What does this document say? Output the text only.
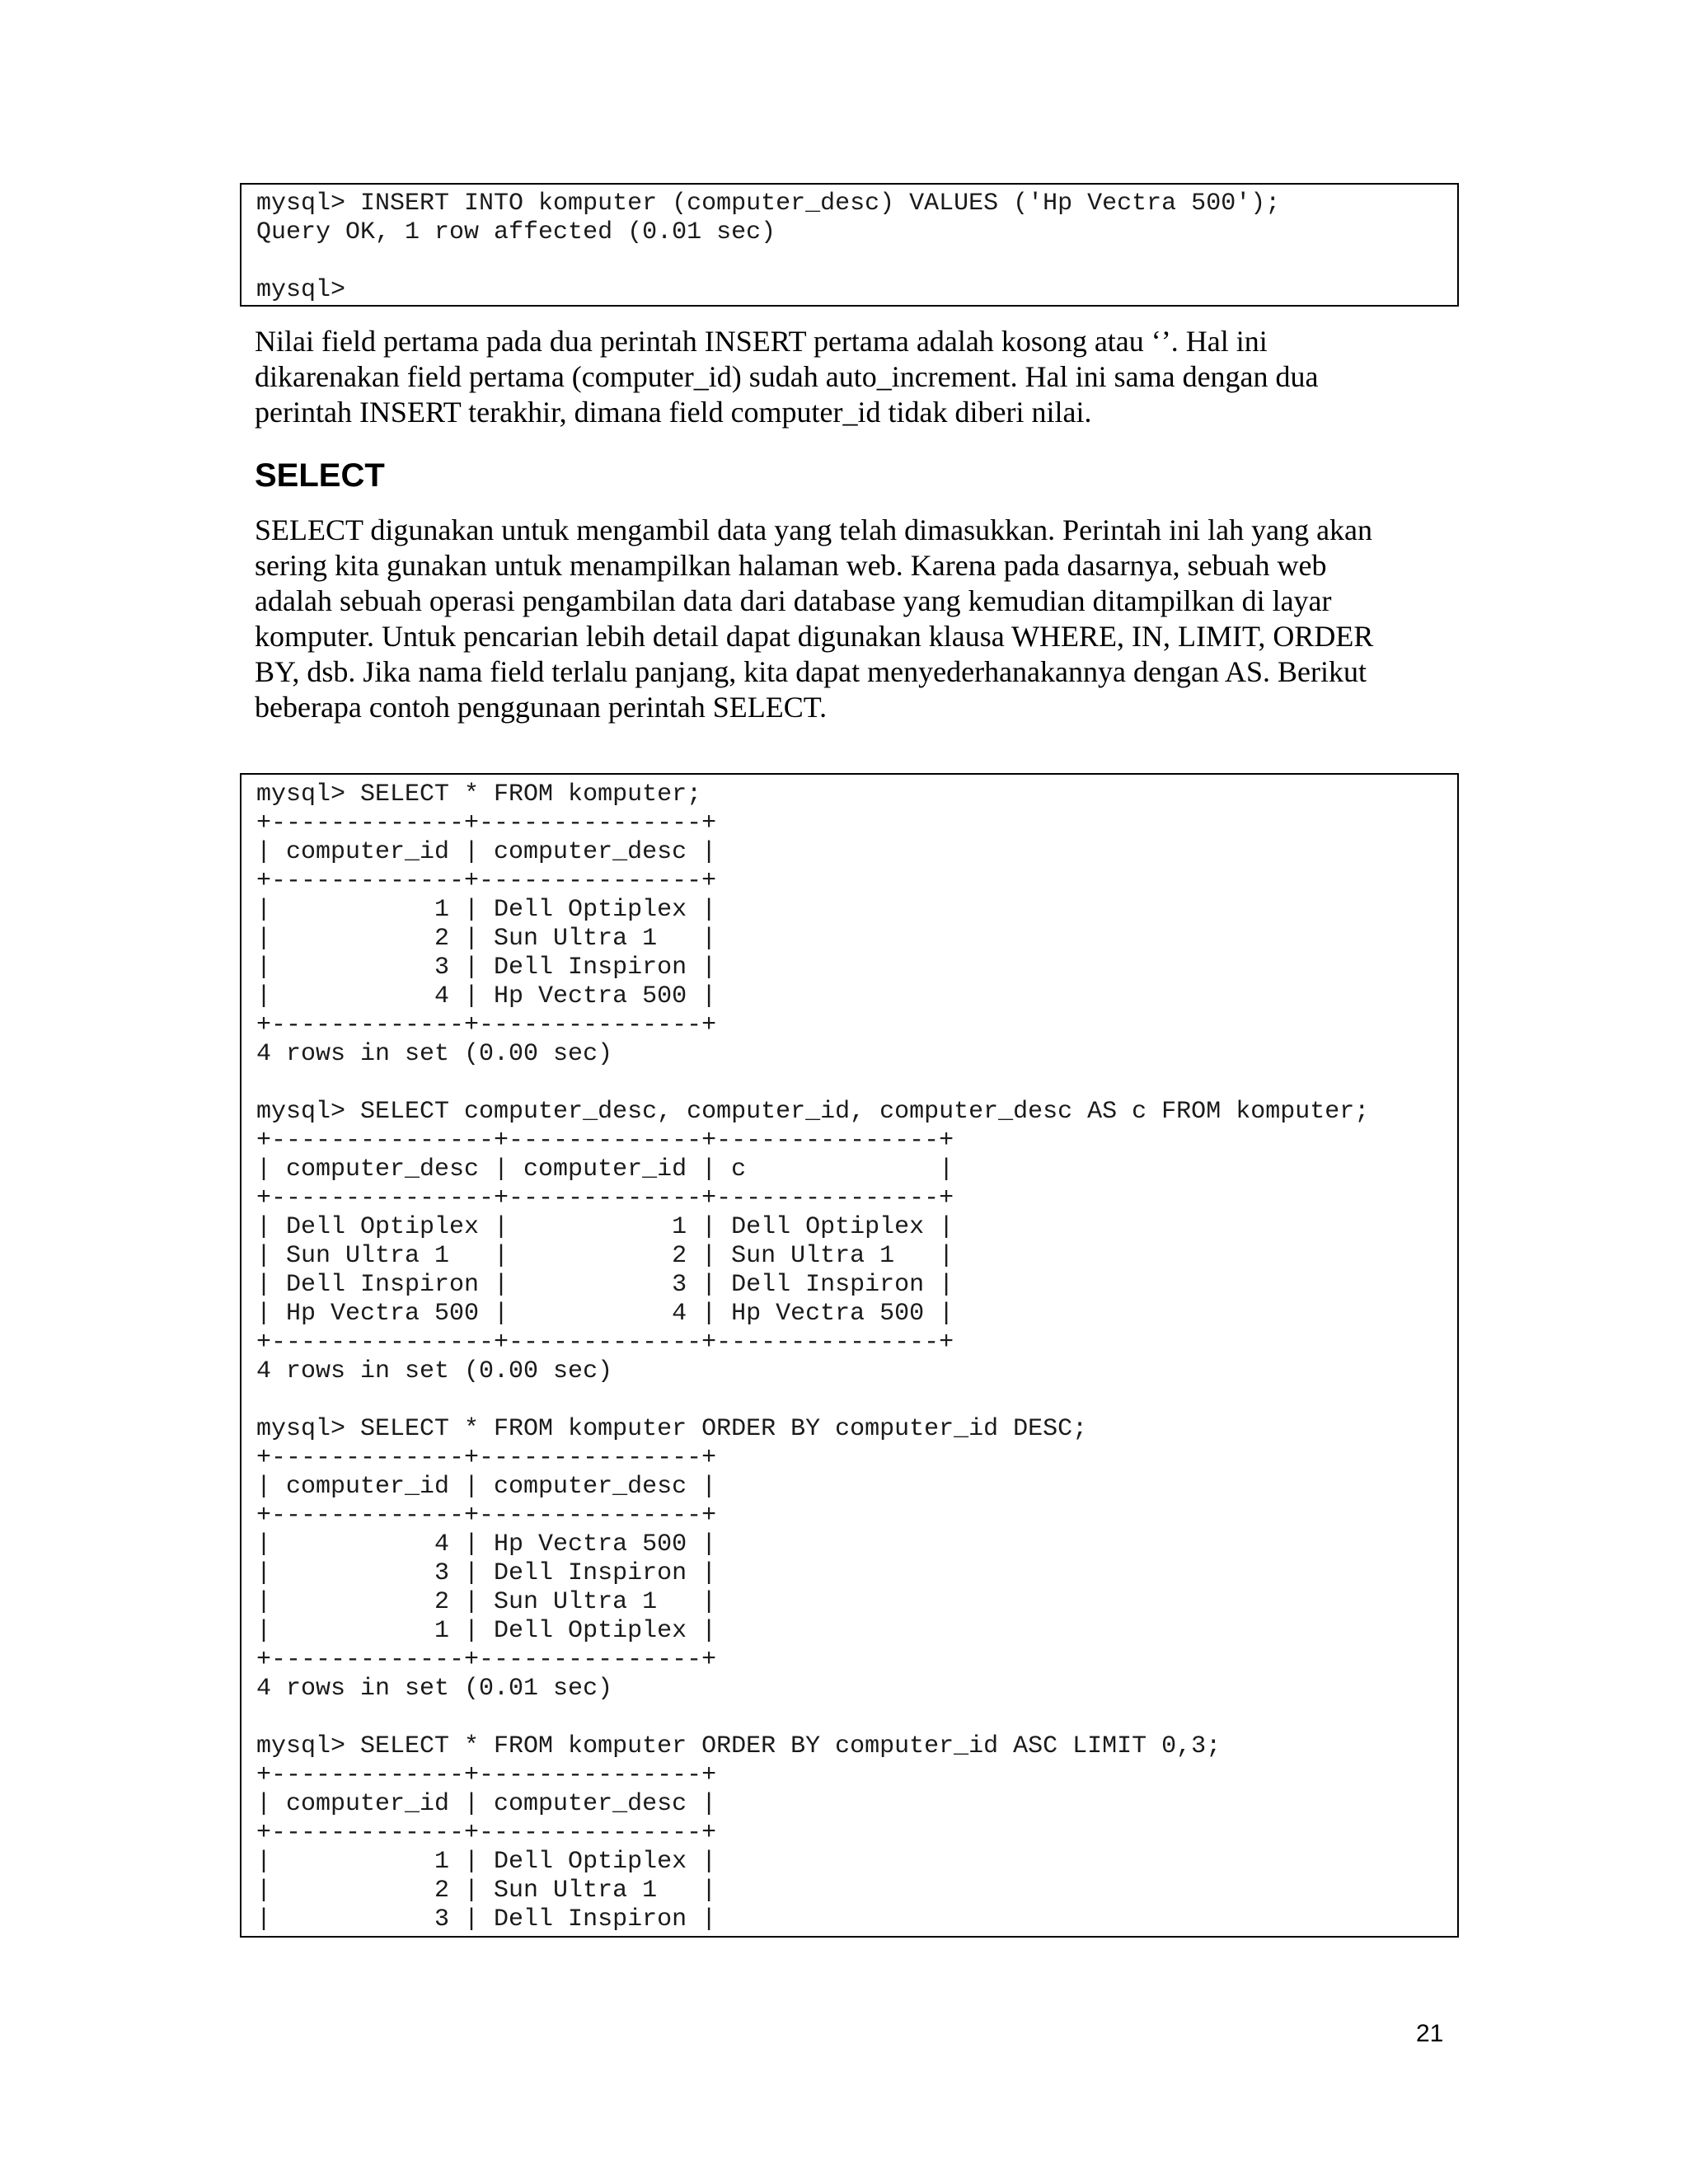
mysql> INSERT INTO komputer (computer_desc) VALUES ('Hp Vectra 500');
Query OK, 1 row affected (0.01 sec)
mysql>
Nilai field pertama pada dua perintah INSERT pertama adalah kosong atau ‘’. Hal ini
dikarenakan field pertama (computer_id) sudah auto_increment. Hal ini sama dengan dua
perintah INSERT terakhir, dimana field computer_id tidak diberi nilai.
SELECT
SELECT digunakan untuk mengambil data yang telah dimasukkan. Perintah ini lah yang akan
sering kita gunakan untuk menampilkan halaman web. Karena pada dasarnya, sebuah web
adalah sebuah operasi pengambilan data dari database yang kemudian ditampilkan di layar
komputer. Untuk pencarian lebih detail dapat digunakan klausa WHERE, IN, LIMIT, ORDER
BY, dsb. Jika nama field terlalu panjang, kita dapat menyederhanakannya dengan AS. Berikut
beberapa contoh penggunaan perintah SELECT.
mysql> SELECT * FROM komputer;
+-------------+---------------+
| computer_id | computer_desc |
+-------------+---------------+
|           1 | Dell Optiplex |
|           2 | Sun Ultra 1   |
|           3 | Dell Inspiron |
|           4 | Hp Vectra 500 |
+-------------+---------------+
4 rows in set (0.00 sec)
mysql> SELECT computer_desc, computer_id, computer_desc AS c FROM komputer;
+---------------+-------------+---------------+
| computer_desc | computer_id | c             |
+---------------+-------------+---------------+
| Dell Optiplex |           1 | Dell Optiplex |
| Sun Ultra 1   |           2 | Sun Ultra 1   |
| Dell Inspiron |           3 | Dell Inspiron |
| Hp Vectra 500 |           4 | Hp Vectra 500 |
+---------------+-------------+---------------+
4 rows in set (0.00 sec)
mysql> SELECT * FROM komputer ORDER BY computer_id DESC;
+-------------+---------------+
| computer_id | computer_desc |
+-------------+---------------+
|           4 | Hp Vectra 500 |
|           3 | Dell Inspiron |
|           2 | Sun Ultra 1   |
|           1 | Dell Optiplex |
+-------------+---------------+
4 rows in set (0.01 sec)
mysql> SELECT * FROM komputer ORDER BY computer_id ASC LIMIT 0,3;
+-------------+---------------+
| computer_id | computer_desc |
+-------------+---------------+
|           1 | Dell Optiplex |
|           2 | Sun Ultra 1   |
|           3 | Dell Inspiron |
21
